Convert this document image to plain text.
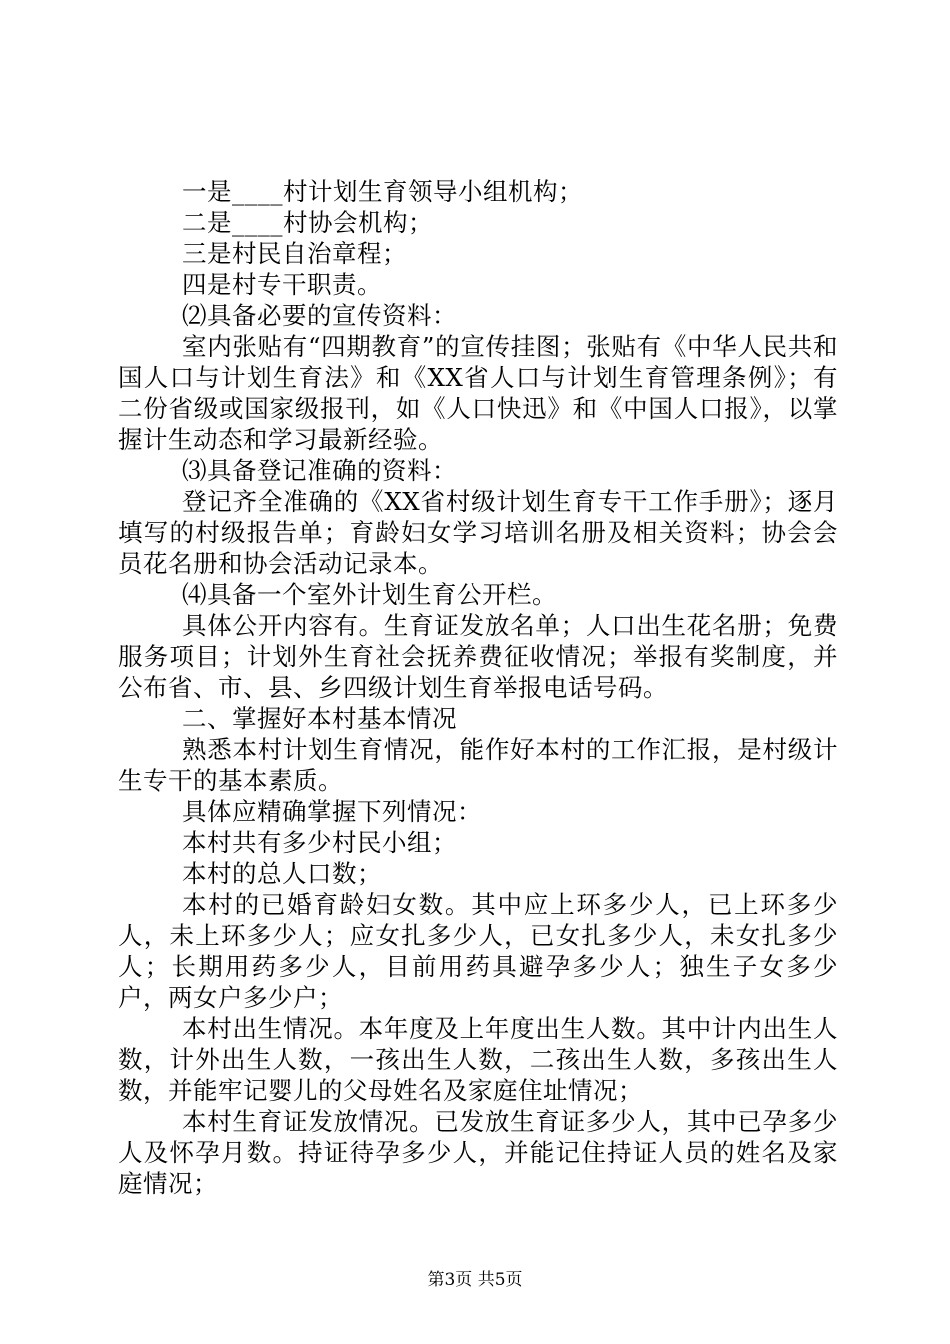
一是____村计划生育领导小组机构；

二是____村协会机构；

三是村民自治章程；

四是村专干职责。

⑵具备必要的宣传资料：

室内张贴有“四期教育”的宣传挂图；张贴有《中华人民共和国人口与计划生育法》和《XX省人口与计划生育管理条例》；有二份省级或国家级报刊，如《人口快迅》和《中国人口报》，以掌握计生动态和学习最新经验。

⑶具备登记准确的资料：

登记齐全准确的《XX省村级计划生育专干工作手册》；逐月填写的村级报告单；育龄妇女学习培训名册及相关资料；协会会员花名册和协会活动记录本。

⑷具备一个室外计划生育公开栏。

具体公开内容有。生育证发放名单；人口出生花名册；免费服务项目；计划外生育社会抚养费征收情况；举报有奖制度，并公布省、市、县、乡四级计划生育举报电话号码。

二、掌握好本村基本情况

熟悉本村计划生育情况，能作好本村的工作汇报，是村级计生专干的基本素质。

具体应精确掌握下列情况：

本村共有多少村民小组；

本村的总人口数；

本村的已婚育龄妇女数。其中应上环多少人，已上环多少人，未上环多少人；应女扎多少人，已女扎多少人，未女扎多少人；长期用药多少人，目前用药具避孕多少人；独生子女多少户，两女户多少户；

本村出生情况。本年度及上年度出生人数。其中计内出生人数，计外出生人数，一孩出生人数，二孩出生人数，多孩出生人数，并能牢记婴儿的父母姓名及家庭住址情况；

本村生育证发放情况。已发放生育证多少人，其中已孕多少人及怀孕月数。持证待孕多少人，并能记住持证人员的姓名及家庭情况；

第3页 共5页
